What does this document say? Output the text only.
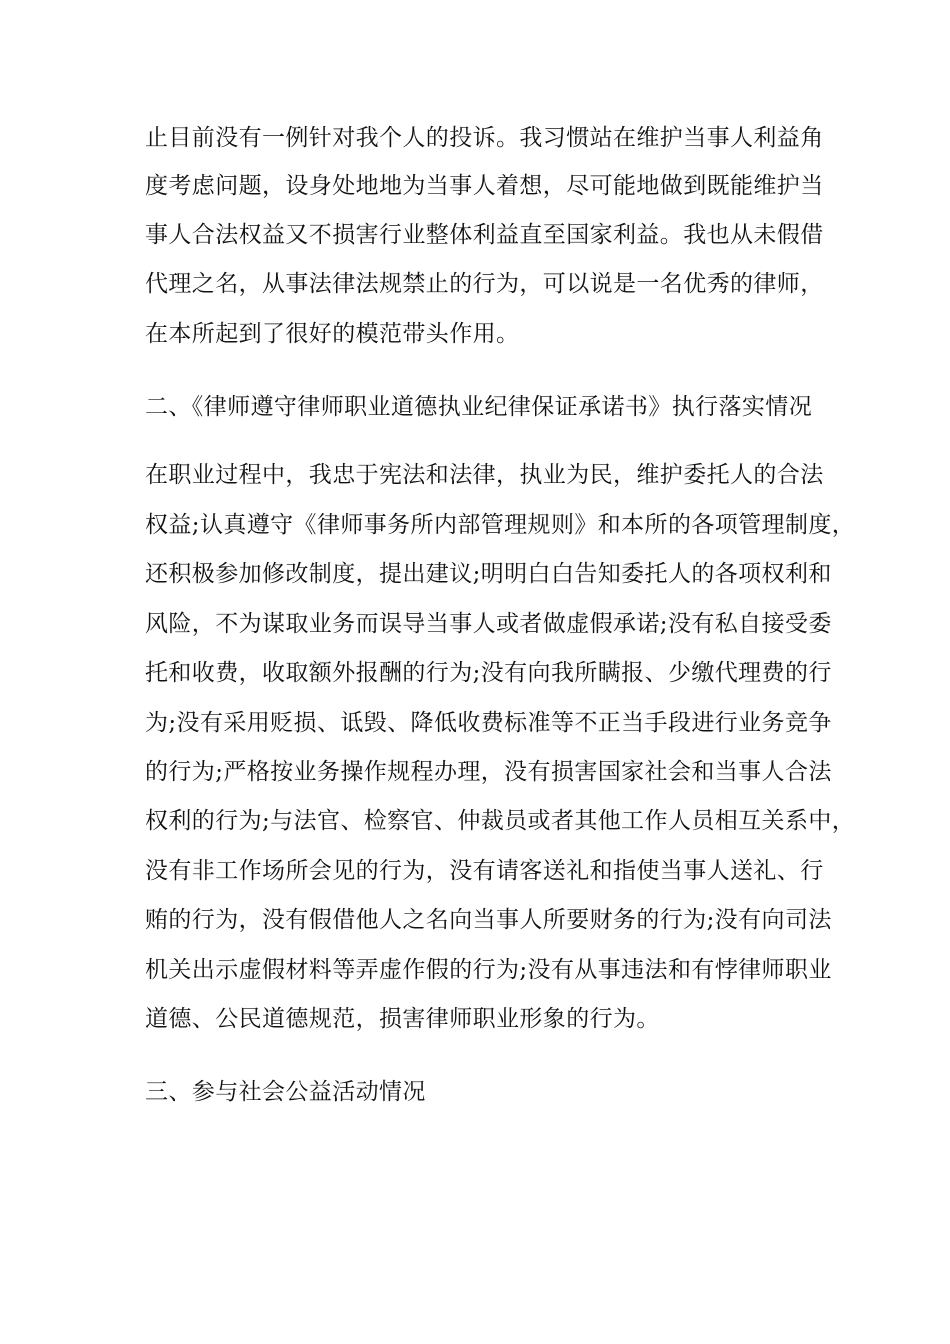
止目前没有一例针对我个人的投诉。我习惯站在维护当事人利益角
度考虑问题，设身处地地为当事人着想，尽可能地做到既能维护当
事人合法权益又不损害行业整体利益直至国家利益。我也从未假借
代理之名，从事法律法规禁止的行为，可以说是一名优秀的律师，
在本所起到了很好的模范带头作用。
二、《律师遵守律师职业道德执业纪律保证承诺书》执行落实情况
在职业过程中，我忠于宪法和法律，执业为民，维护委托人的合法
权益;认真遵守《律师事务所内部管理规则》和本所的各项管理制度，
还积极参加修改制度，提出建议;明明白白告知委托人的各项权利和
风险，不为谋取业务而误导当事人或者做虚假承诺;没有私自接受委
托和收费，收取额外报酬的行为;没有向我所瞒报、少缴代理费的行
为;没有采用贬损、诋毁、降低收费标准等不正当手段进行业务竞争
的行为;严格按业务操作规程办理，没有损害国家社会和当事人合法
权利的行为;与法官、检察官、仲裁员或者其他工作人员相互关系中，
没有非工作场所会见的行为，没有请客送礼和指使当事人送礼、行
贿的行为，没有假借他人之名向当事人所要财务的行为;没有向司法
机关出示虚假材料等弄虚作假的行为;没有从事违法和有悖律师职业
道德、公民道德规范，损害律师职业形象的行为。
三、参与社会公益活动情况
